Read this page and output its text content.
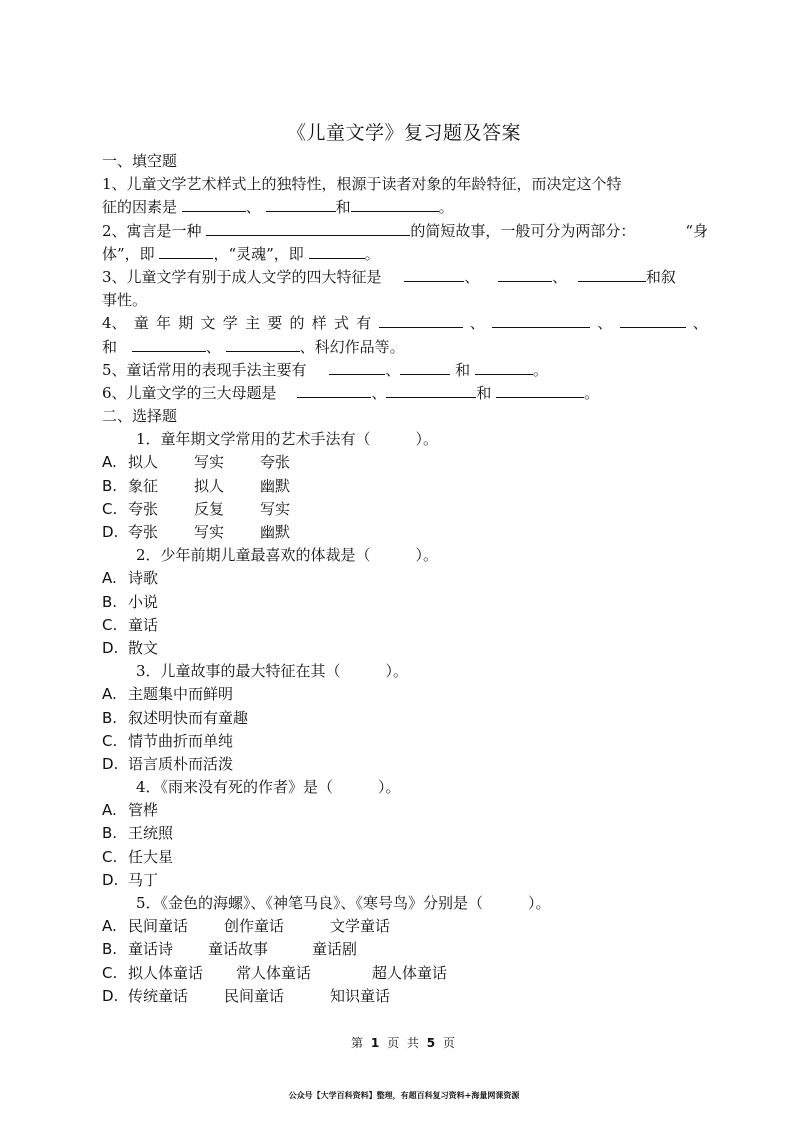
《儿童文学》复习题及答案
一、填空题
1、儿童文学艺术样式上的独特性，根源于读者对象的年龄特征，而决定这个特
征的因素是	、	和	。
2、寓言是一种	的简短故事，一般可分为两部分：	“身
体”，即	，“灵魂”，即	。
3、儿童文学有别于成人文学的四大特征是	、	、	和叙
事性。
4、 童 年 期 文 学 主 要 的 样 式 有	、	、	、
和	、	、科幻作品等。
5、童话常用的表现手法主要有	、	和	。
6、儿童文学的三大母题是	、	和	。
二、选择题
1．童年期文学常用的艺术手法有（　　　）。
A. 拟人 写实 夸张
B. 象征 拟人 幽默
C. 夸张 反复 写实
D. 夸张 写实 幽默
2．少年前期儿童最喜欢的体裁是（　　　）。
A. 诗歌
B. 小说
C. 童话
D. 散文
3．儿童故事的最大特征在其（　　　）。
A. 主题集中而鲜明
B. 叙述明快而有童趣
C. 情节曲折而单纯
D. 语言质朴而活泼
4．《雨来没有死的作者》是（　　　）。
A. 管桦
B. 王统照
C. 任大星
D. 马丁
5．《金色的海螺》、《神笔马良》、《寒号鸟》分别是（　　　）。
A. 民间童话 创作童话	文学童话
B. 童话诗 童话故事	童话剧
C. 拟人体童话 常人体童话	超人体童话
D. 传统童话 民间童话	知识童话
第 1 页 共 5 页
公众号【大学百科资料】整理，有超百科复习资料+海量网课资源
